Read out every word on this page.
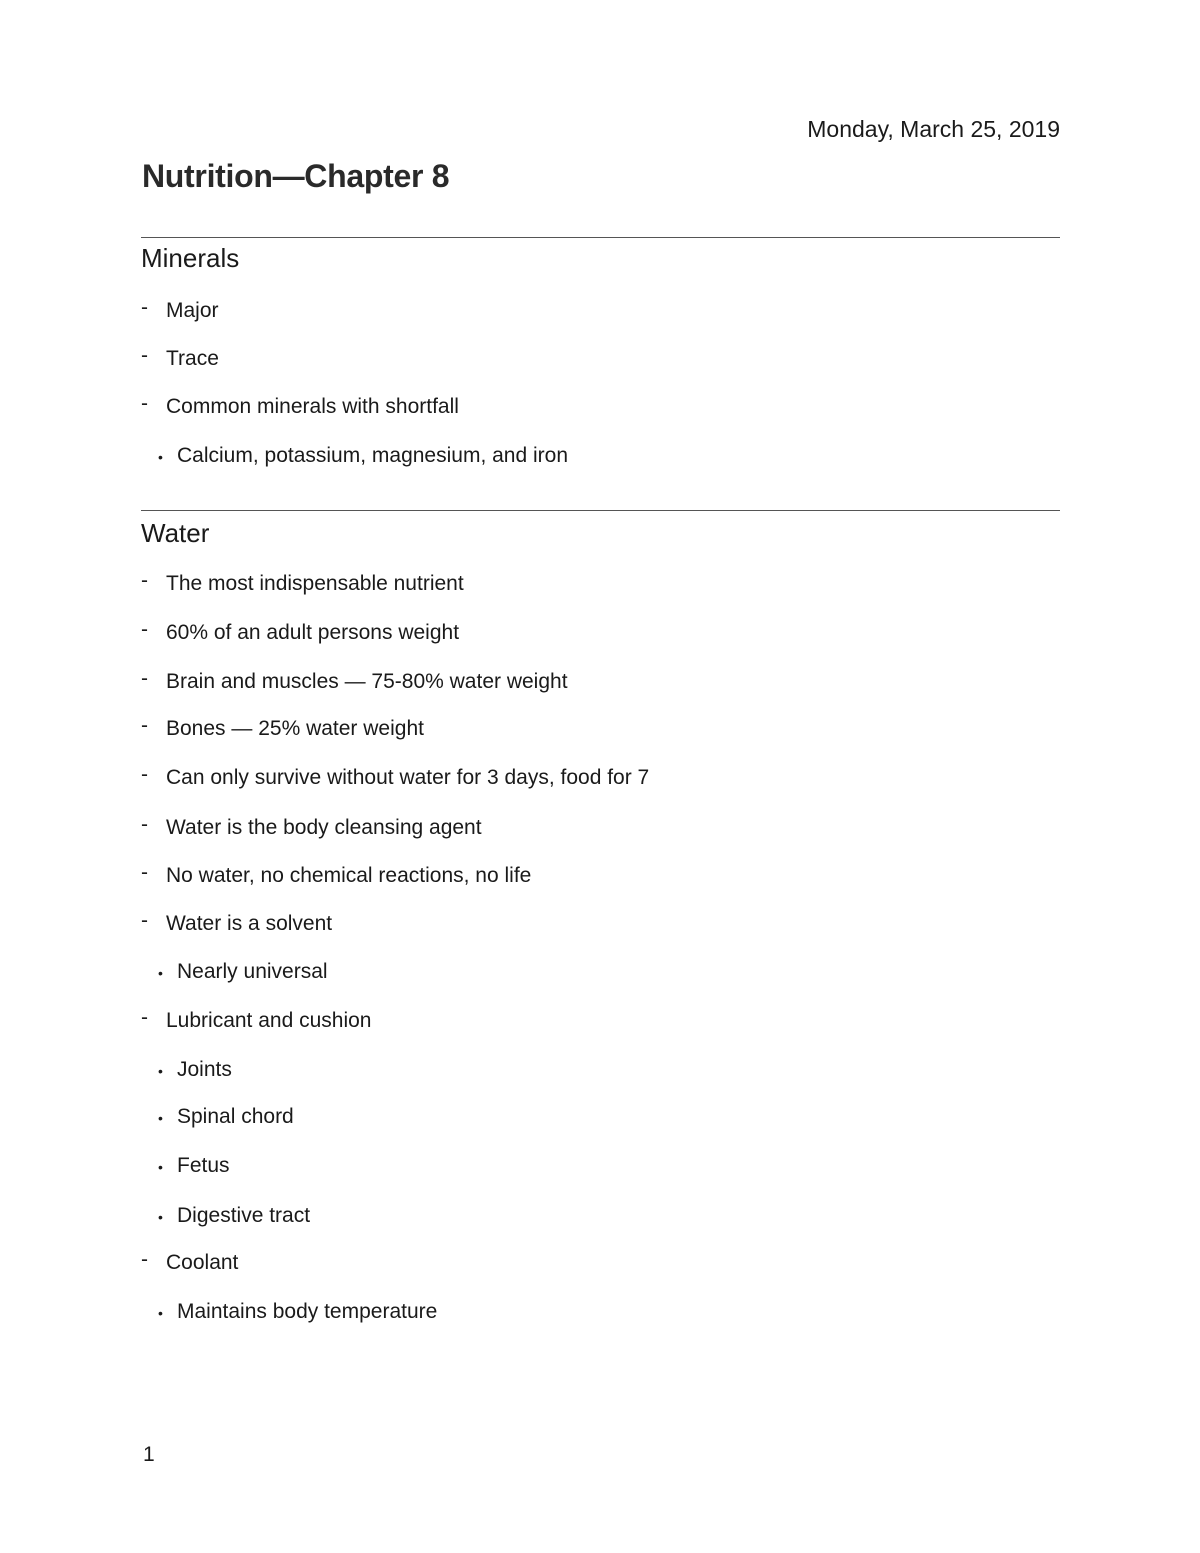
Monday, March 25, 2019
Nutrition—Chapter 8
Minerals
- Major
- Trace
- Common minerals with shortfall
• Calcium, potassium, magnesium, and iron
Water
- The most indispensable nutrient
- 60% of an adult persons weight
- Brain and muscles — 75-80% water weight
- Bones — 25% water weight
- Can only survive without water for 3 days, food for 7
- Water is the body cleansing agent
- No water, no chemical reactions, no life
- Water is a solvent
• Nearly universal
- Lubricant and cushion
• Joints
• Spinal chord
• Fetus
• Digestive tract
- Coolant
• Maintains body temperature
1
